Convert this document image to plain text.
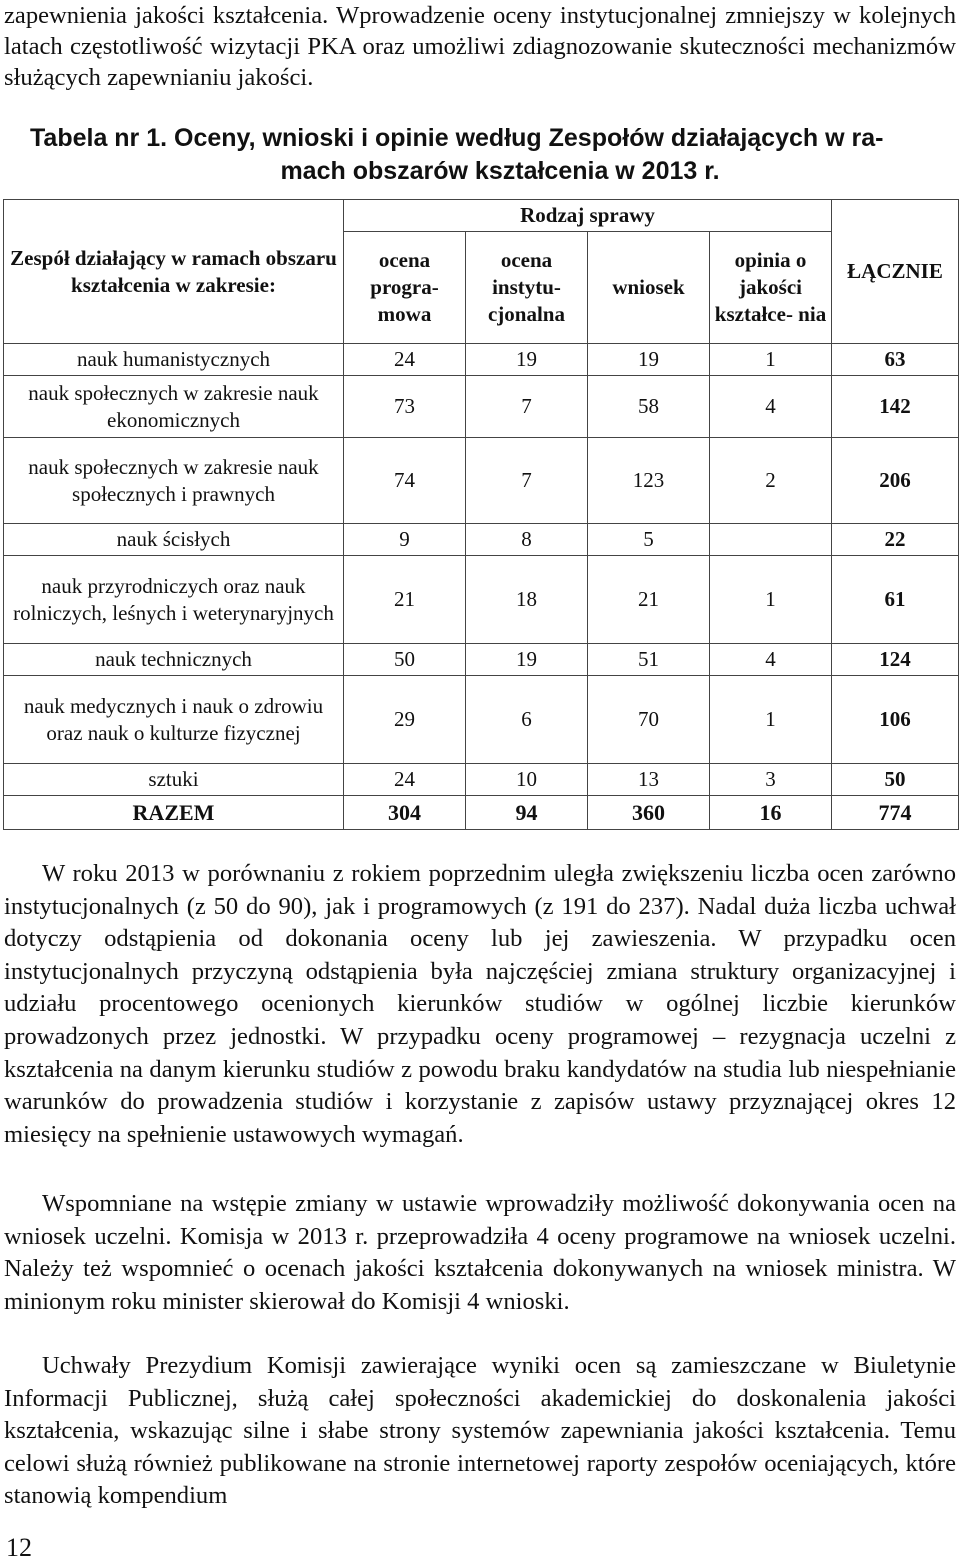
zapewnienia jakości kształcenia. Wprowadzenie oceny instytucjonalnej zmniejszy w kolejnych latach częstotliwość wizytacji PKA oraz umożliwi zdiagnozowanie skuteczności mechanizmów służących zapewnianiu jakości.

Tabela nr 1. Oceny, wnioski i opinie według Zespołów działających w ra-
mach obszarów kształcenia w 2013 r.
Zespół działający w ramach obszaru kształcenia w zakresie:	Rodzaj sprawy				ŁĄCZNIE
	ocena progra- mowa	ocena instytu- cjonalna	wniosek	opinia o jakości kształce- nia	
nauk humanistycznych	24	19	19	1	63
nauk społecznych w zakresie nauk ekonomicznych	73	7	58	4	142
nauk społecznych w zakresie nauk społecznych i prawnych	74	7	123	2	206
nauk ścisłych	9	8	5		22
nauk przyrodniczych oraz nauk rolniczych, leśnych i weterynaryjnych	21	18	21	1	61
nauk technicznych	50	19	51	4	124
nauk medycznych i nauk o zdrowiu oraz nauk o kulturze fizycznej	29	6	70	1	106
sztuki	24	10	13	3	50
RAZEM	304	94	360	16	774

W roku 2013 w porównaniu z rokiem poprzednim uległa zwiększeniu liczba ocen zarówno instytucjonalnych (z 50 do 90), jak i programowych (z 191 do 237). Nadal duża liczba uchwał dotyczy odstąpienia od dokonania oceny lub jej zawieszenia. W przypadku ocen instytucjonalnych przyczyną odstąpienia była najczęściej zmiana struktury organizacyjnej i udziału procentowego ocenionych kierunków studiów w ogólnej liczbie kierunków prowadzonych przez jednostki. W przypadku oceny programowej – rezygnacja uczelni z kształcenia na danym kierunku studiów z powodu braku kandydatów na studia lub niespełnianie warunków do prowadzenia studiów i korzystanie z zapisów ustawy przyznającej okres 12 miesięcy na spełnienie ustawowych wymagań.

Wspomniane na wstępie zmiany w ustawie wprowadziły możliwość dokonywania ocen na wniosek uczelni. Komisja w 2013 r. przeprowadziła 4 oceny programowe na wniosek uczelni. Należy też wspomnieć o ocenach jakości kształcenia dokonywanych na wniosek ministra. W minionym roku minister skierował do Komisji 4 wnioski.

Uchwały Prezydium Komisji zawierające wyniki ocen są zamieszczane w Biuletynie Informacji Publicznej, służą całej społeczności akademickiej do doskonalenia jakości kształcenia, wskazując silne i słabe strony systemów zapewniania jakości kształcenia. Temu celowi służą również publikowane na stronie internetowej raporty zespołów oceniających, które stanowią kompendium

12
